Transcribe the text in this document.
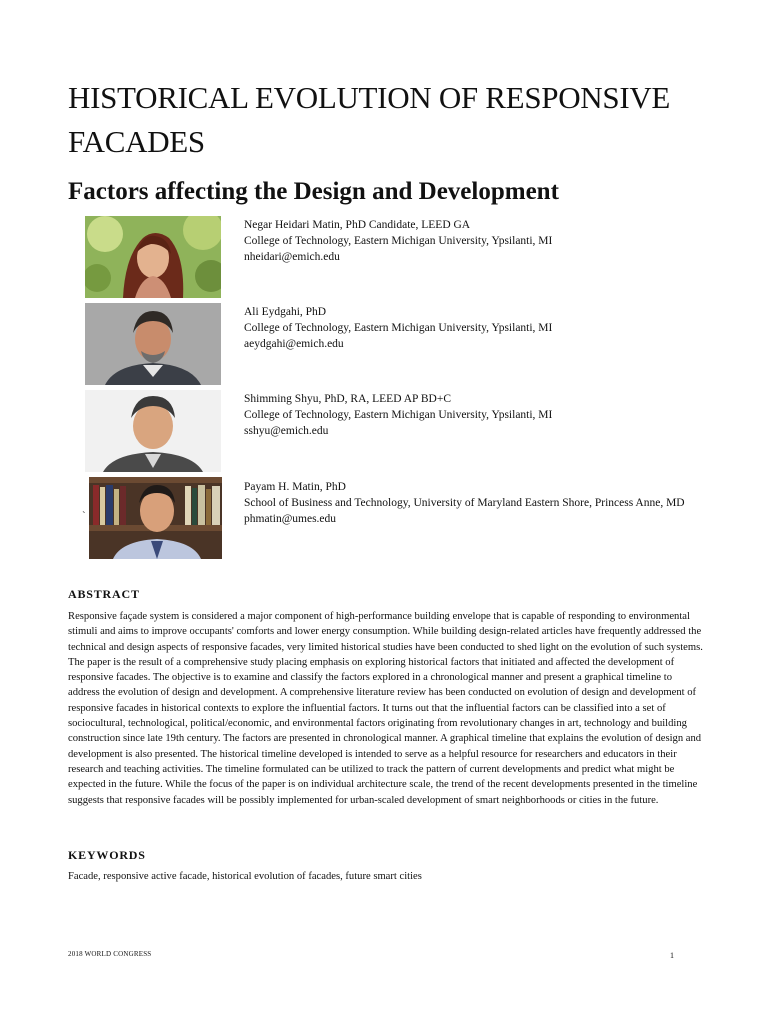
HISTORICAL EVOLUTION OF RESPONSIVE FACADES
Factors affecting the Design and Development
Negar Heidari Matin, PhD Candidate, LEED GA
College of Technology, Eastern Michigan University, Ypsilanti, MI
nheidari@emich.edu
Ali Eydgahi, PhD
College of Technology, Eastern Michigan University, Ypsilanti, MI
aeydgahi@emich.edu
Shimming Shyu, PhD, RA, LEED AP BD+C
College of Technology, Eastern Michigan University, Ypsilanti, MI
sshyu@emich.edu
Payam H. Matin, PhD
School of Business and Technology, University of Maryland Eastern Shore, Princess Anne, MD
phmatin@umes.edu
`
ABSTRACT

Responsive façade system is considered a major component of high-performance building envelope that is capable of responding to environmental stimuli and aims to improve occupants' comforts and lower energy consumption. While building design-related articles have frequently addressed the technical and design aspects of responsive facades, very limited historical studies have been conducted to shed light on the evolution of such systems. The paper is the result of a comprehensive study placing emphasis on exploring historical factors that initiated and affected the development of responsive facades. The objective is to examine and classify the factors explored in a chronological manner and present a graphical timeline to address the evolution of design and development. A comprehensive literature review has been conducted on evolution of design and development of responsive facades in historical contexts to explore the influential factors. It turns out that the influential factors can be classified into a set of sociocultural, technological, political/economic, and environmental factors originating from revolutionary changes in art, technology and building construction since late 19th century. The factors are presented in chronological manner. A graphical timeline that explains the evolution of design and development is also presented. The historical timeline developed is intended to serve as a helpful resource for researchers and educators in their research and teaching activities. The timeline formulated can be utilized to track the pattern of current developments and predict what might be expected in the future. While the focus of the paper is on individual architecture scale, the trend of the recent developments presented in the timeline suggests that responsive facades will be possibly implemented for urban-scaled development of smart neighborhoods or cities in the future.

KEYWORDS

Facade, responsive active facade, historical evolution of facades, future smart cities

2018 WORLD CONGRESS	1
